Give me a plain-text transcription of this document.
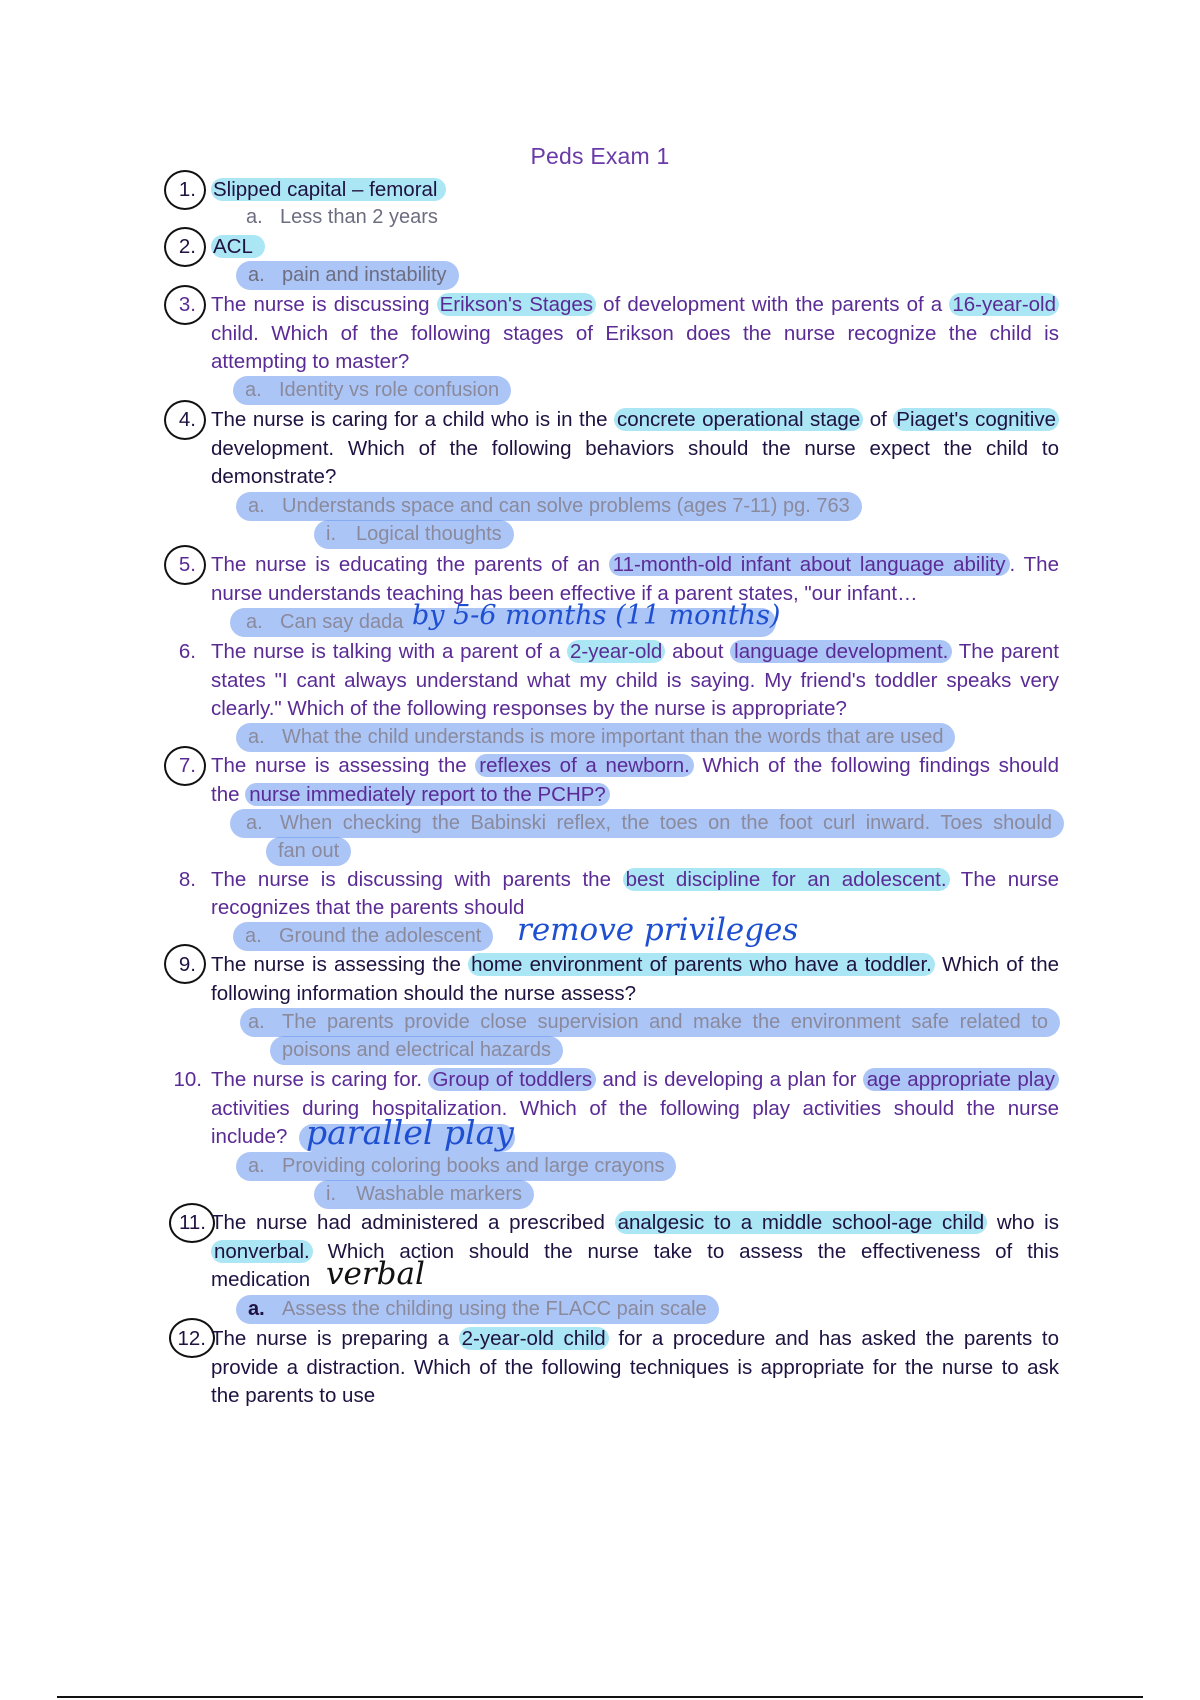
Peds Exam 1
1. Slipped capital – femoral
a. Less than 2 years
2. ACL
a. pain and instability
3. The nurse is discussing Erikson's Stages of development with the parents of a 16-year-old
child. Which of the following stages of Erikson does the nurse recognize the child is
attempting to master?
a. Identity vs role confusion
4. The nurse is caring for a child who is in the concrete operational stage of Piaget's cognitive
development. Which of the following behaviors should the nurse expect the child to
demonstrate?
a. Understands space and can solve problems (ages 7-11) pg. 763
i. Logical thoughts
5. The nurse is educating the parents of an 11-month-old infant about language ability . The
nurse understands teaching has been effective if a parent states, "our infant…
a. Can say dada by 5-6 months (11 months)
6. The nurse is talking with a parent of a 2-year-old about language development. The parent
states "I cant always understand what my child is saying. My friend's toddler speaks very
clearly." Which of the following responses by the nurse is appropriate?
a. What the child understands is more important than the words that are used
7. The nurse is assessing the reflexes of a newborn. Which of the following findings should
the nurse immediately report to the PCHP?
a. When checking the Babinski reflex, the toes on the foot curl inward. Toes should
fan out
8. The nurse is discussing with parents the best discipline for an adolescent. The nurse
recognizes that the parents should
a. Ground the adolescent	remove privileges
9. The nurse is assessing the home environment of parents who have a toddler. Which of the
following information should the nurse assess?
a. The parents provide close supervision and make the environment safe related to
poisons and electrical hazards
10. The nurse is caring for. Group of toddlers and is developing a plan for age appropriate play
activities during hospitalization. Which of the following play activities should the nurse
include? parallel play
a. Providing coloring books and large crayons
i. Washable markers
11. The nurse had administered a prescribed analgesic to a middle school-age child who is
nonverbal. Which action should the nurse take to assess the effectiveness of this
medication verbal
a. Assess the childing using the FLACC pain scale
12. The nurse is preparing a 2-year-old child for a procedure and has asked the parents to
provide a distraction. Which of the following techniques is appropriate for the nurse to ask
the parents to use
